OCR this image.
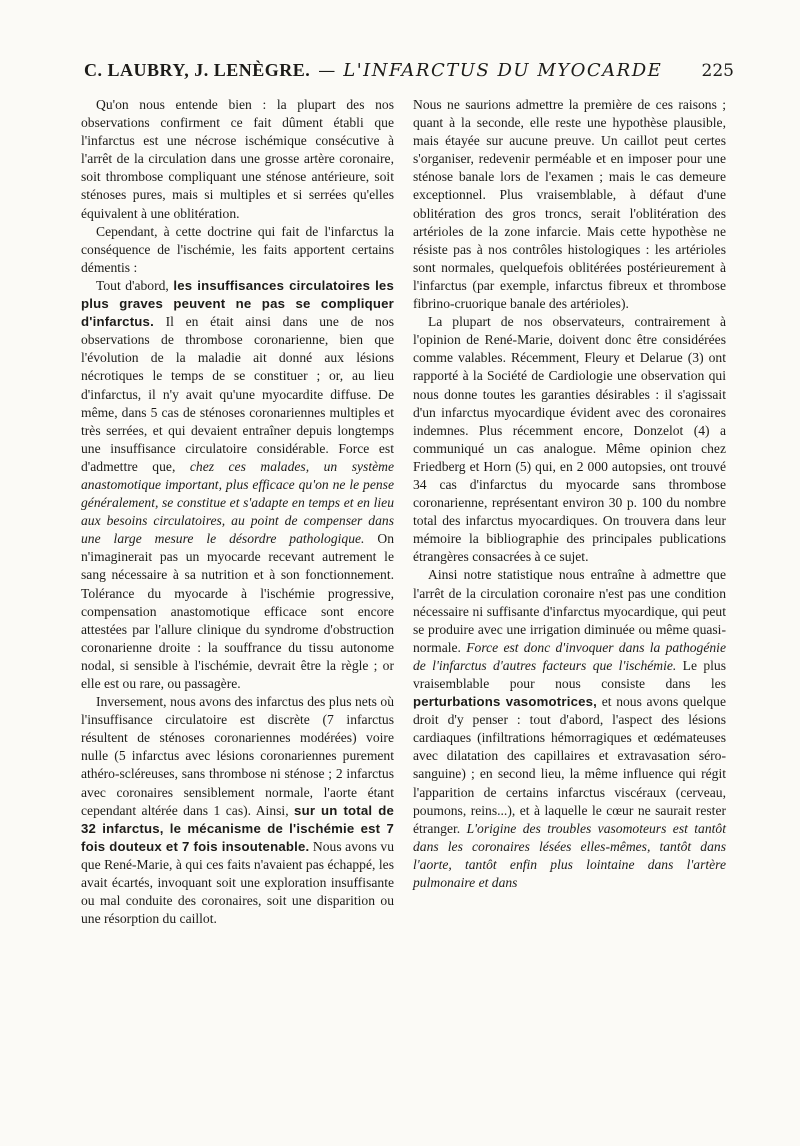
C. LAUBRY, J. LENÈGRE. — L'INFARCTUS DU MYOCARDE 225

Qu'on nous entende bien : la plupart des nos observations confirment ce fait dûment établi que l'infarctus est une nécrose ischémique consécutive à l'arrêt de la circulation dans une grosse artère coronaire, soit thrombose compliquant une sténose antérieure, soit sténoses pures, mais si multiples et si serrées qu'elles équivalent à une oblitération.

Cependant, à cette doctrine qui fait de l'infarctus la conséquence de l'ischémie, les faits apportent certains démentis :

Tout d'abord, les insuffisances circulatoires les plus graves peuvent ne pas se compliquer d'infarctus. Il en était ainsi dans une de nos observations de thrombose coronarienne, bien que l'évolution de la maladie ait donné aux lésions nécrotiques le temps de se constituer ; or, au lieu d'infarctus, il n'y avait qu'une myocardite diffuse. De même, dans 5 cas de sténoses coronariennes multiples et très serrées, et qui devaient entraîner depuis longtemps une insuffisance circulatoire considérable. Force est d'admettre que, chez ces malades, un système anastomotique important, plus efficace qu'on ne le pense généralement, se constitue et s'adapte en temps et en lieu aux besoins circulatoires, au point de compenser dans une large mesure le désordre pathologique. On n'imaginerait pas un myocarde recevant autrement le sang nécessaire à sa nutrition et à son fonctionnement. Tolérance du myocarde à l'ischémie progressive, compensation anastomotique efficace sont encore attestées par l'allure clinique du syndrome d'obstruction coronarienne droite : la souffrance du tissu autonome nodal, si sensible à l'ischémie, devrait être la règle ; or elle est ou rare, ou passagère.

Inversement, nous avons des infarctus des plus nets où l'insuffisance circulatoire est discrète (7 infarctus résultent de sténoses coronariennes modérées) voire nulle (5 infarctus avec lésions coronariennes purement athéro-scléreuses, sans thrombose ni sténose ; 2 infarctus avec coronaires sensiblement normale, l'aorte étant cependant altérée dans 1 cas). Ainsi, sur un total de 32 infarctus, le mécanisme de l'ischémie est 7 fois douteux et 7 fois insoutenable. Nous avons vu que René-Marie, à qui ces faits n'avaient pas échappé, les avait écartés, invoquant soit une exploration insuffisante ou mal conduite des coronaires, soit une disparition ou une résorption du caillot.

Nous ne saurions admettre la première de ces raisons ; quant à la seconde, elle reste une hypothèse plausible, mais étayée sur aucune preuve. Un caillot peut certes s'organiser, redevenir perméable et en imposer pour une sténose banale lors de l'examen ; mais le cas demeure exceptionnel. Plus vraisemblable, à défaut d'une oblitération des gros troncs, serait l'oblitération des artérioles de la zone infarcie. Mais cette hypothèse ne résiste pas à nos contrôles histologiques : les artérioles sont normales, quelquefois oblitérées postérieurement à l'infarctus (par exemple, infarctus fibreux et thrombose fibrino-cruorique banale des artérioles).

La plupart de nos observateurs, contrairement à l'opinion de René-Marie, doivent donc être considérées comme valables. Récemment, Fleury et Delarue (3) ont rapporté à la Société de Cardiologie une observation qui nous donne toutes les garanties désirables : il s'agissait d'un infarctus myocardique évident avec des coronaires indemnes. Plus récemment encore, Donzelot (4) a communiqué un cas analogue. Même opinion chez Friedberg et Horn (5) qui, en 2 000 autopsies, ont trouvé 34 cas d'infarctus du myocarde sans thrombose coronarienne, représentant environ 30 p. 100 du nombre total des infarctus myocardiques. On trouvera dans leur mémoire la bibliographie des principales publications étrangères consacrées à ce sujet.

Ainsi notre statistique nous entraîne à admettre que l'arrêt de la circulation coronaire n'est pas une condition nécessaire ni suffisante d'infarctus myocardique, qui peut se produire avec une irrigation diminuée ou même quasi-normale. Force est donc d'invoquer dans la pathogénie de l'infarctus d'autres facteurs que l'ischémie. Le plus vraisemblable pour nous consiste dans les perturbations vasomotrices, et nous avons quelque droit d'y penser : tout d'abord, l'aspect des lésions cardiaques (infiltrations hémorragiques et œdémateuses avec dilatation des capillaires et extravasation séro-sanguine) ; en second lieu, la même influence qui régit l'apparition de certains infarctus viscéraux (cerveau, poumons, reins...), et à laquelle le cœur ne saurait rester étranger. L'origine des troubles vasomoteurs est tantôt dans les coronaires lésées elles-mêmes, tantôt dans l'aorte, tantôt enfin plus lointaine dans l'artère pulmonaire et dans
